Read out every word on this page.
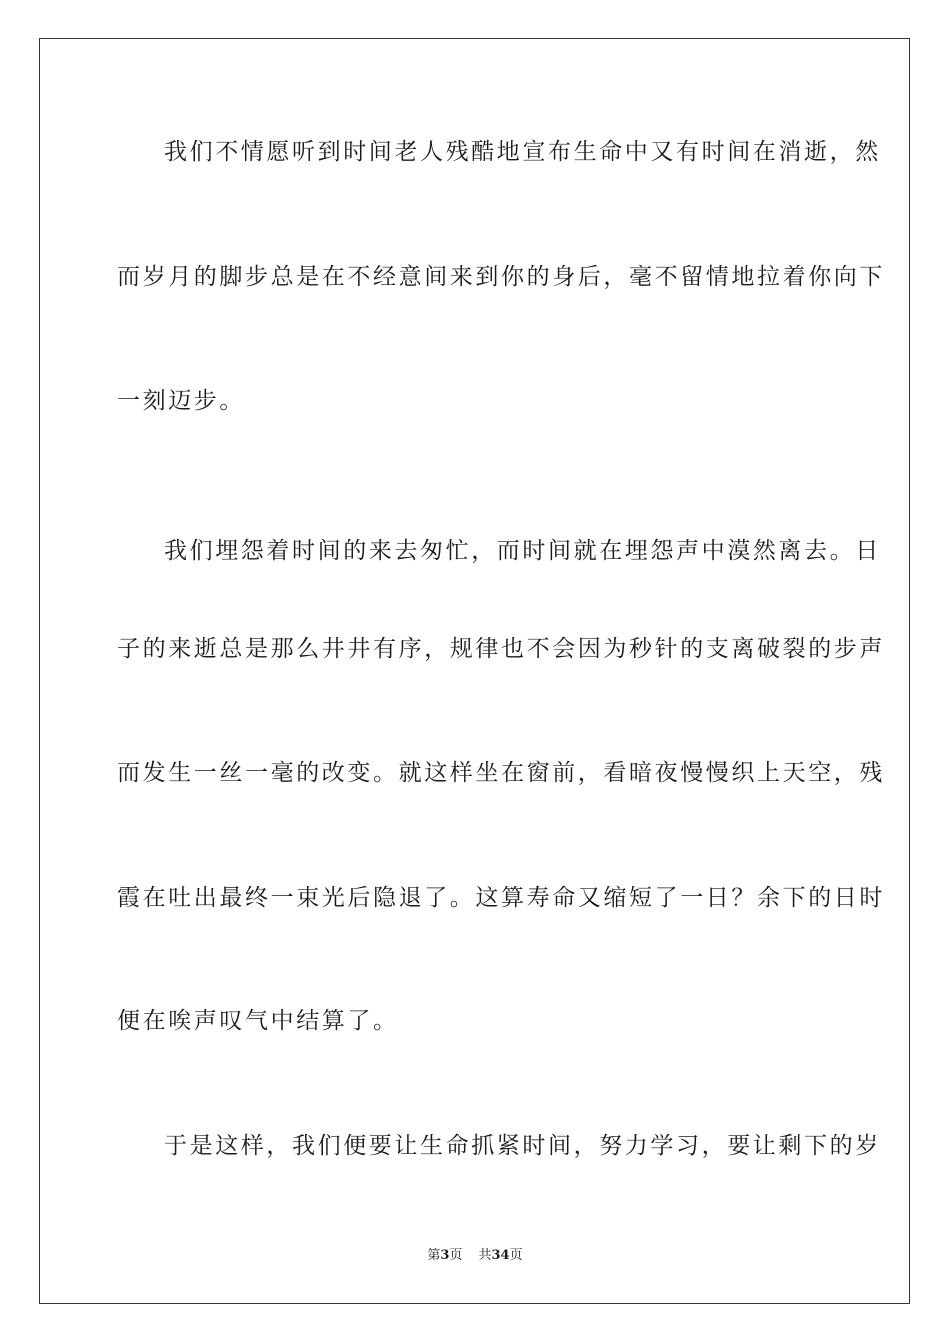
我们不情愿听到时间老人残酷地宣布生命中又有时间在消逝，然
而岁月的脚步总是在不经意间来到你的身后，毫不留情地拉着你向下
一刻迈步。
我们埋怨着时间的来去匆忙，而时间就在埋怨声中漠然离去。日
子的来逝总是那么井井有序，规律也不会因为秒针的支离破裂的步声
而发生一丝一毫的改变。就这样坐在窗前，看暗夜慢慢织上天空，残
霞在吐出最终一束光后隐退了。这算寿命又缩短了一日？余下的日时
便在唉声叹气中结算了。
于是这样，我们便要让生命抓紧时间，努力学习，要让剩下的岁
第3页 共34页
